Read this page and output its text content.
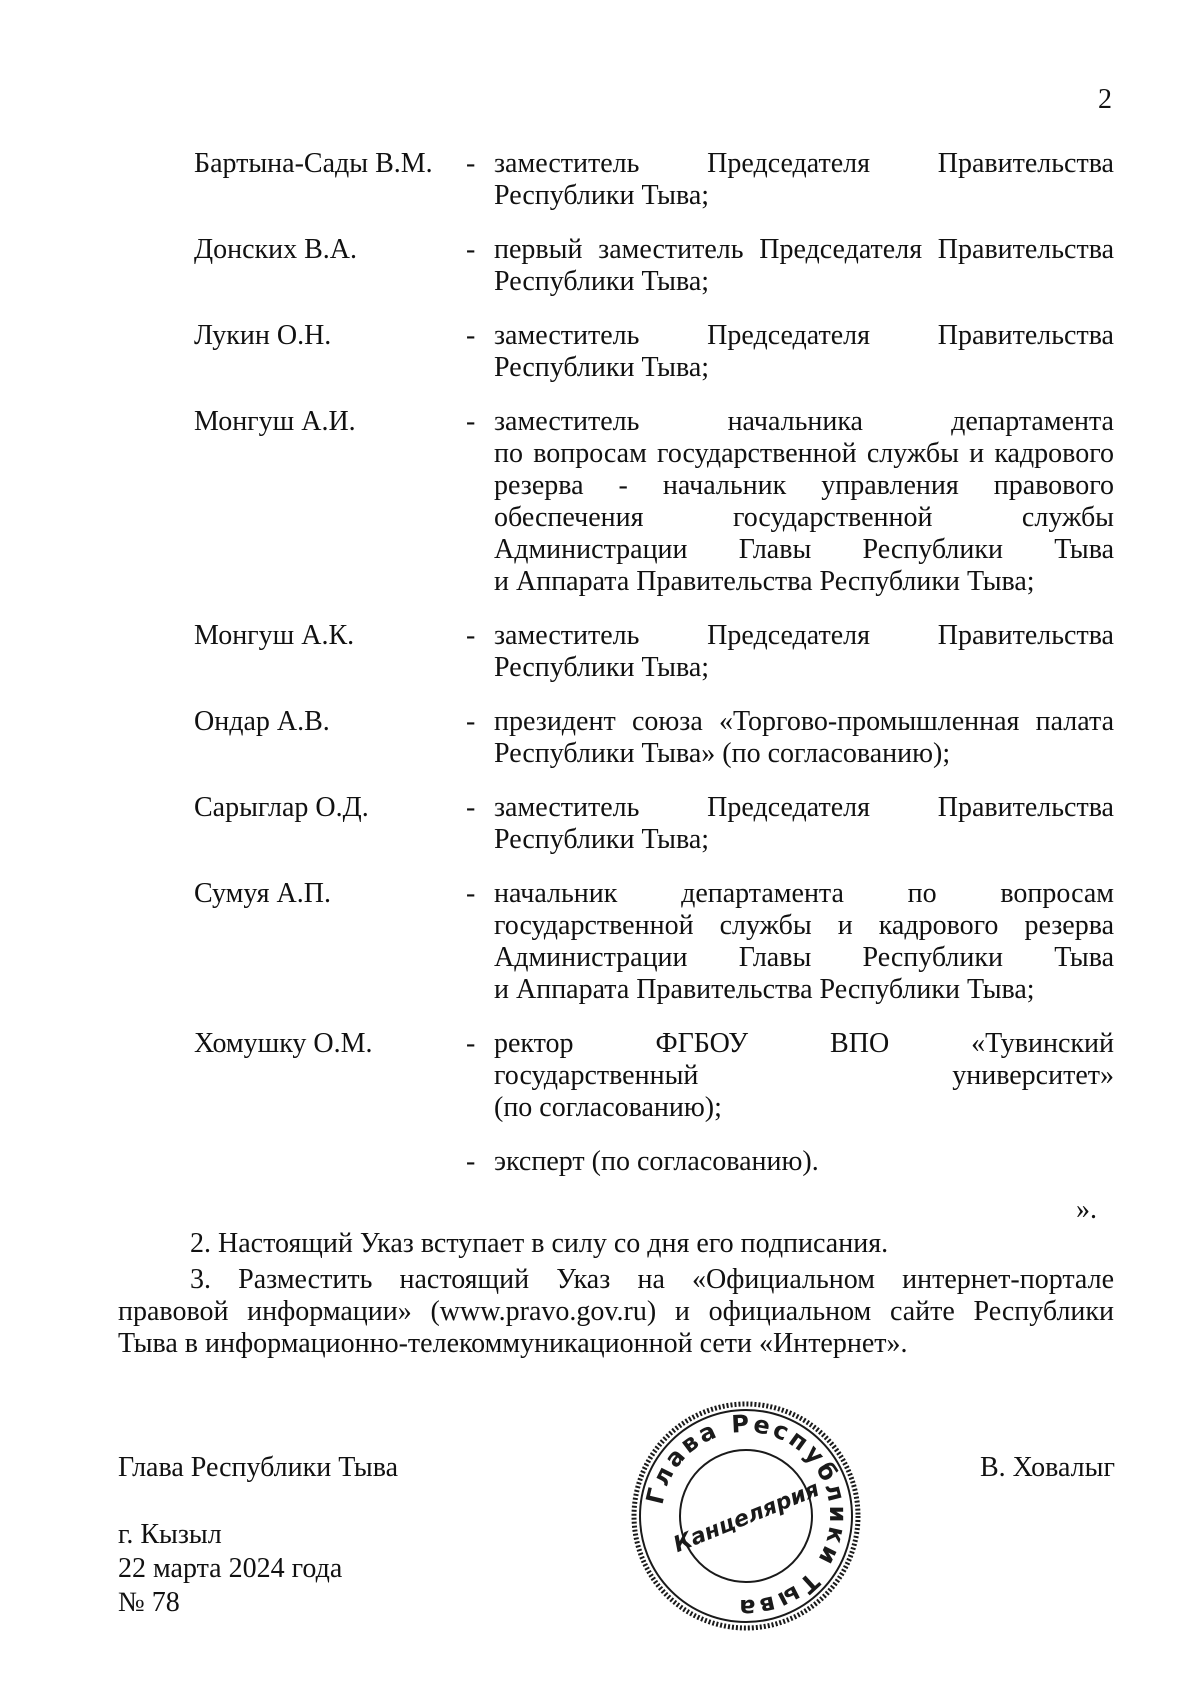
2
Бартына-Сады В.М.	- заместитель Председателя Правительства
Республики Тыва;
Донских В.А.	- первый заместитель Председателя Правительства
Республики Тыва;
Лукин О.Н.	- заместитель Председателя Правительства
Республики Тыва;
Монгуш А.И.	- заместитель начальника департамента
по вопросам государственной службы и кадрового
резерва - начальник управления правового
обеспечения государственной службы
Администрации Главы Республики Тыва
и Аппарата Правительства Республики Тыва;
Монгуш А.К.	- заместитель Председателя Правительства
Республики Тыва;
Ондар А.В.	- президент союза «Торгово-промышленная палата
Республики Тыва» (по согласованию);
Сарыглар О.Д.	- заместитель Председателя Правительства
Республики Тыва;
Сумуя А.П.	- начальник департамента по вопросам
государственной службы и кадрового резерва
Администрации Главы Республики Тыва
и Аппарата Правительства Республики Тыва;
Хомушку О.М.	- ректор ФГБОУ ВПО «Тувинский
государственный университет»
(по согласованию);
- эксперт (по согласованию).
».
2. Настоящий Указ вступает в силу со дня его подписания.
3. Разместить настоящий Указ на «Официальном интернет-портале
правовой информации» (www.pravo.gov.ru) и официальном сайте Республики
Тыва в информационно-телекоммуникационной сети «Интернет».
Глава Республики Тыва	В. Ховалыг
г. Кызыл
22 марта 2024 года
№ 78
Глава Республики Тыва
Канцелярия
